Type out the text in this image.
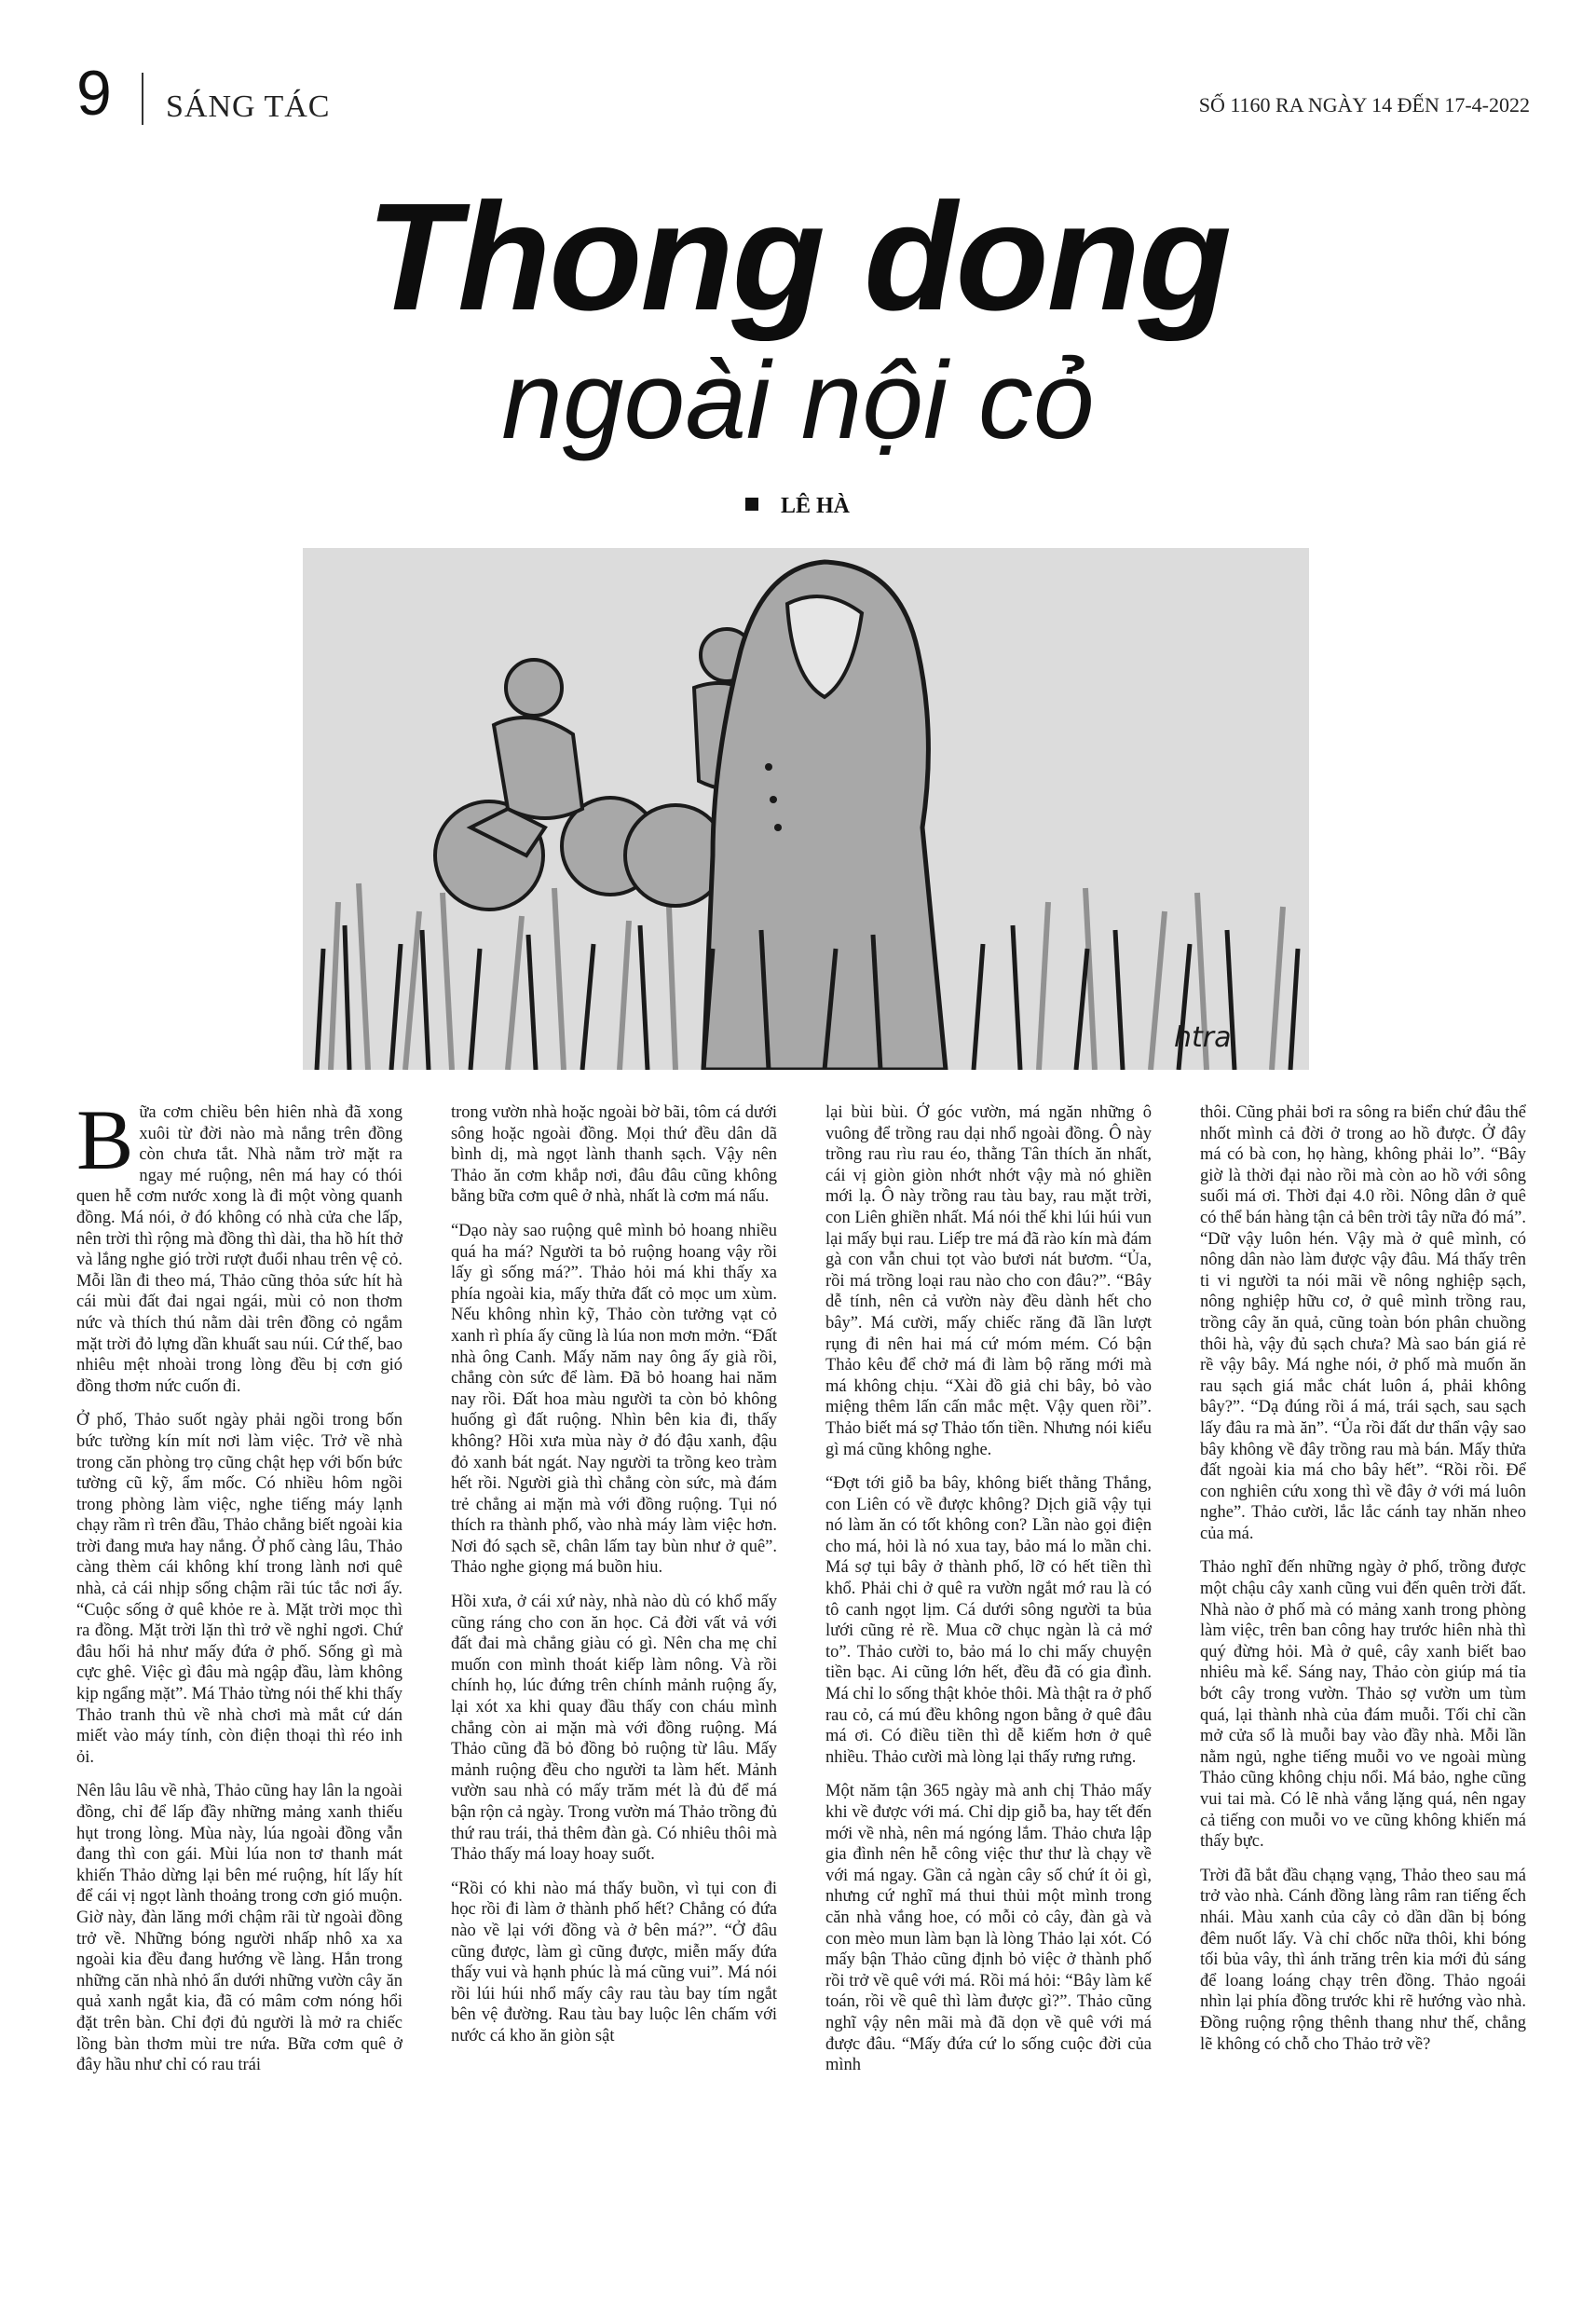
9 SÁNG TÁC	SỐ 1160 RA NGÀY 14 ĐẾN 17-4-2022
Thong dong
ngoài nội cỏ
LÊ HÀ
htra

Bữa cơm chiều bên hiên nhà đã xong xuôi từ đời nào mà nắng trên đồng còn chưa tắt. Nhà nằm trờ mặt ra ngay mé ruộng, nên má hay có thói quen hễ cơm nước xong là đi một vòng quanh đồng. Má nói, ở đó không có nhà cửa che lấp, nên trời thì rộng mà đồng thì dài, tha hồ hít thở và lắng nghe gió trời rượt đuổi nhau trên vệ cỏ. Mỗi lần đi theo má, Thảo cũng thỏa sức hít hà cái mùi đất đai ngai ngái, mùi cỏ non thơm nức và thích thú nằm dài trên đồng cỏ ngắm mặt trời đỏ lựng dần khuất sau núi. Cứ thế, bao nhiêu mệt nhoài trong lòng đều bị cơn gió đồng thơm nức cuốn đi.

Ở phố, Thảo suốt ngày phải ngồi trong bốn bức tường kín mít nơi làm việc. Trở về nhà trong căn phòng trọ cũng chật hẹp với bốn bức tường cũ kỹ, ẩm mốc. Có nhiều hôm ngồi trong phòng làm việc, nghe tiếng máy lạnh chạy rầm rì trên đầu, Thảo chẳng biết ngoài kia trời đang mưa hay nắng. Ở phố càng lâu, Thảo càng thèm cái không khí trong lành nơi quê nhà, cả cái nhịp sống chậm rãi túc tắc nơi ấy. “Cuộc sống ở quê khỏe re à. Mặt trời mọc thì ra đồng. Mặt trời lặn thì trở về nghỉ ngơi. Chứ đâu hối hả như mấy đứa ở phố. Sống gì mà cực ghê. Việc gì đâu mà ngập đầu, làm không kịp ngẩng mặt”. Má Thảo từng nói thế khi thấy Thảo tranh thủ về nhà chơi mà mắt cứ dán miết vào máy tính, còn điện thoại thì réo inh ỏi.

Nên lâu lâu về nhà, Thảo cũng hay lân la ngoài đồng, chỉ để lấp đầy những mảng xanh thiếu hụt trong lòng. Mùa này, lúa ngoài đồng vẫn đang thì con gái. Mùi lúa non tơ thanh mát khiến Thảo dừng lại bên mé ruộng, hít lấy hít để cái vị ngọt lành thoảng trong cơn gió muộn. Giờ này, đàn lăng mới chậm rãi từ ngoài đồng trở về. Những bóng người nhấp nhô xa xa ngoài kia đều đang hướng về làng. Hắn trong những căn nhà nhỏ ẩn dưới những vườn cây ăn quả xanh ngắt kia, đã có mâm cơm nóng hổi đặt trên bàn. Chỉ đợi đủ người là mở ra chiếc lồng bàn thơm mùi tre nứa. Bữa cơm quê ở đây hầu như chỉ có rau trái

trong vườn nhà hoặc ngoài bờ bãi, tôm cá dưới sông hoặc ngoài đồng. Mọi thứ đều dân dã bình dị, mà ngọt lành thanh sạch. Vậy nên Thảo ăn cơm khắp nơi, đâu đâu cũng không bằng bữa cơm quê ở nhà, nhất là cơm má nấu.

“Dạo này sao ruộng quê mình bỏ hoang nhiều quá ha má? Người ta bỏ ruộng hoang vậy rồi lấy gì sống má?”. Thảo hỏi má khi thấy xa phía ngoài kia, mấy thửa đất cỏ mọc um xùm. Nếu không nhìn kỹ, Thảo còn tưởng vạt cỏ xanh rì phía ấy cũng là lúa non mơn mởn. “Đất nhà ông Canh. Mấy năm nay ông ấy già rồi, chẳng còn sức để làm. Đã bỏ hoang hai năm nay rồi. Đất hoa màu người ta còn bỏ không huống gì đất ruộng. Nhìn bên kia đi, thấy không? Hồi xưa mùa này ở đó đậu xanh, đậu đỏ xanh bát ngát. Nay người ta trồng keo tràm hết rồi. Người già thì chẳng còn sức, mà đám trẻ chẳng ai mặn mà với đồng ruộng. Tụi nó thích ra thành phố, vào nhà máy làm việc hơn. Nơi đó sạch sẽ, chân lấm tay bùn như ở quê”. Thảo nghe giọng má buồn hiu.

Hồi xưa, ở cái xứ này, nhà nào dù có khổ mấy cũng ráng cho con ăn học. Cả đời vất vả với đất đai mà chẳng giàu có gì. Nên cha mẹ chỉ muốn con mình thoát kiếp làm nông. Và rồi chính họ, lúc đứng trên chính mảnh ruộng ấy, lại xót xa khi quay đầu thấy con cháu mình chẳng còn ai mặn mà với đồng ruộng. Má Thảo cũng đã bỏ đồng bỏ ruộng từ lâu. Mấy mảnh ruộng đều cho người ta làm hết. Mảnh vườn sau nhà có mấy trăm mét là đủ để má bận rộn cả ngày. Trong vườn má Thảo trồng đủ thứ rau trái, thả thêm đàn gà. Có nhiêu thôi mà Thảo thấy má loay hoay suốt.

“Rồi có khi nào má thấy buồn, vì tụi con đi học rồi đi làm ở thành phố hết? Chẳng có đứa nào về lại với đồng và ở bên má?”. “Ở đâu cũng được, làm gì cũng được, miễn mấy đứa thấy vui và hạnh phúc là má cũng vui”. Má nói rồi lúi húi nhổ mấy cây rau tàu bay tím ngắt bên vệ đường. Rau tàu bay luộc lên chấm với nước cá kho ăn giòn sật

lại bùi bùi. Ở góc vườn, má ngăn những ô vuông để trồng rau dại nhổ ngoài đồng. Ô này trồng rau rìu rau éo, thằng Tân thích ăn nhất, cái vị giòn giòn nhớt nhớt vậy mà nó ghiền mới lạ. Ô này trồng rau tàu bay, rau mặt trời, con Liên ghiền nhất. Má nói thế khi lúi húi vun lại mấy bụi rau. Liếp tre má đã rào kín mà đám gà con vẫn chui tọt vào bươi nát bươm. “Ủa, rồi má trồng loại rau nào cho con đâu?”. “Bây dễ tính, nên cả vườn này đều dành hết cho bây”. Má cười, mấy chiếc răng đã lần lượt rụng đi nên hai má cứ móm mém. Có bận Thảo kêu để chở má đi làm bộ răng mới mà má không chịu. “Xài đồ giả chi bây, bỏ vào miệng thêm lấn cấn mắc mệt. Vậy quen rồi”. Thảo biết má sợ Thảo tốn tiền. Nhưng nói kiểu gì má cũng không nghe.

“Đợt tới giỗ ba bây, không biết thằng Thắng, con Liên có về được không? Dịch giã vậy tụi nó làm ăn có tốt không con? Lần nào gọi điện cho má, hỏi là nó xua tay, bảo má lo mần chi. Má sợ tụi bây ở thành phố, lỡ có hết tiền thì khổ. Phải chi ở quê ra vườn ngắt mớ rau là có tô canh ngọt lịm. Cá dưới sông người ta bủa lưới cũng rẻ rề. Mua cỡ chục ngàn là cả mớ to”. Thảo cười to, bảo má lo chi mấy chuyện tiền bạc. Ai cũng lớn hết, đều đã có gia đình. Má chỉ lo sống thật khỏe thôi. Mà thật ra ở phố rau cỏ, cá mú đều không ngon bằng ở quê đâu má ơi. Có điều tiền thì dễ kiếm hơn ở quê nhiều. Thảo cười mà lòng lại thấy rưng rưng.

Một năm tận 365 ngày mà anh chị Thảo mấy khi về được với má. Chỉ dịp giỗ ba, hay tết đến mới về nhà, nên má ngóng lắm. Thảo chưa lập gia đình nên hễ công việc thư thư là chạy về với má ngay. Gần cả ngàn cây số chứ ít ỏi gì, nhưng cứ nghĩ má thui thủi một mình trong căn nhà vắng hoe, có mỗi cỏ cây, đàn gà và con mèo mun làm bạn là lòng Thảo lại xót. Có mấy bận Thảo cũng định bỏ việc ở thành phố rồi trở về quê với má. Rồi má hỏi: “Bây làm kế toán, rồi về quê thì làm được gì?”. Thảo cũng nghĩ vậy nên mãi mà đã dọn về quê với má được đâu. “Mấy đứa cứ lo sống cuộc đời của mình

thôi. Cũng phải bơi ra sông ra biển chứ đâu thể nhốt mình cả đời ở trong ao hồ được. Ở đây má có bà con, họ hàng, không phải lo”. “Bây giờ là thời đại nào rồi mà còn ao hồ với sông suối má ơi. Thời đại 4.0 rồi. Nông dân ở quê có thể bán hàng tận cả bên trời tây nữa đó má”. “Dữ vậy luôn hén. Vậy mà ở quê mình, có nông dân nào làm được vậy đâu. Má thấy trên ti vi người ta nói mãi về nông nghiệp sạch, nông nghiệp hữu cơ, ở quê mình trồng rau, trồng cây ăn quả, cũng toàn bón phân chuồng thôi hà, vậy đủ sạch chưa? Mà sao bán giá rẻ rề vậy bây. Má nghe nói, ở phố mà muốn ăn rau sạch giá mắc chát luôn á, phải không bây?”. “Dạ đúng rồi á má, trái sạch, sau sạch lấy đâu ra mà ăn”. “Ủa rồi đất dư thẩn vậy sao bây không về đây trồng rau mà bán. Mấy thửa đất ngoài kia má cho bây hết”. “Rồi rồi. Để con nghiên cứu xong thì về đây ở với má luôn nghe”. Thảo cười, lắc lắc cánh tay nhăn nheo của má.

Thảo nghĩ đến những ngày ở phố, trồng được một chậu cây xanh cũng vui đến quên trời đất. Nhà nào ở phố mà có mảng xanh trong phòng làm việc, trên ban công hay trước hiên nhà thì quý đừng hỏi. Mà ở quê, cây xanh biết bao nhiêu mà kể. Sáng nay, Thảo còn giúp má tỉa bớt cây trong vườn. Thảo sợ vườn um tùm quá, lại thành nhà của đám muỗi. Tối chỉ cần mở cửa sổ là muỗi bay vào đầy nhà. Mỗi lần nằm ngủ, nghe tiếng muỗi vo ve ngoài mùng Thảo cũng không chịu nổi. Má bảo, nghe cũng vui tai mà. Có lẽ nhà vắng lặng quá, nên ngay cả tiếng con muỗi vo ve cũng không khiến má thấy bực.

Trời đã bắt đầu chạng vạng, Thảo theo sau má trở vào nhà. Cánh đồng làng râm ran tiếng ếch nhái. Màu xanh của cây cỏ dần dần bị bóng đêm nuốt lấy. Và chỉ chốc nữa thôi, khi bóng tối bủa vây, thì ánh trăng trên kia mới đủ sáng để loang loáng chạy trên đồng. Thảo ngoái nhìn lại phía đồng trước khi rẽ hướng vào nhà. Đồng ruộng rộng thênh thang như thế, chẳng lẽ không có chỗ cho Thảo trở về?
